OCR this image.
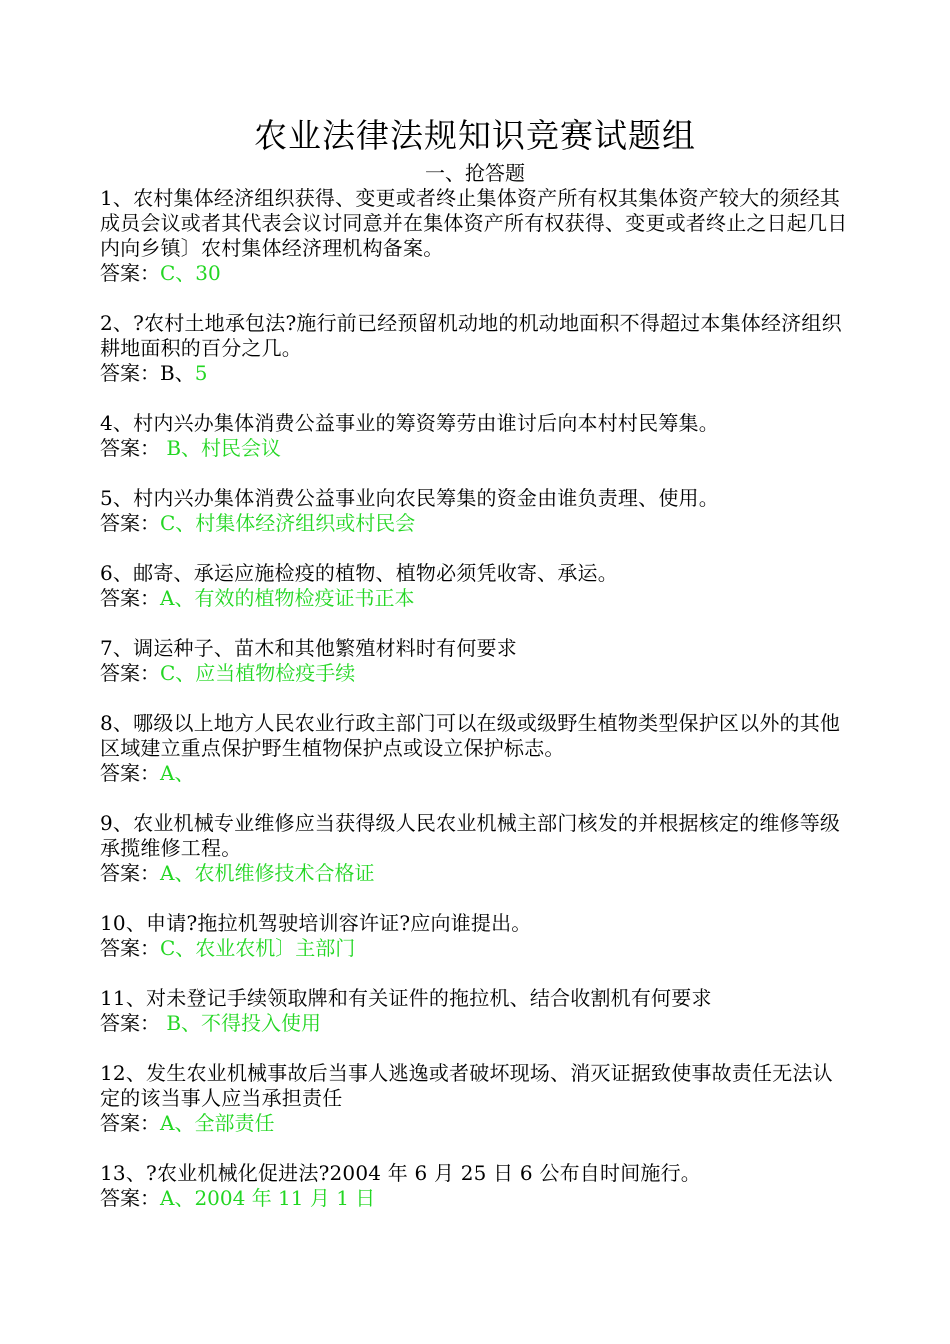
农业法律法规知识竞赛试题组
一、抢答题

1、农村集体经济组织获得、变更或者终止集体资产所有权其集体资产较大的须经其成员会议或者其代表会议讨同意并在集体资产所有权获得、变更或者终止之日起几日内向乡镇〕农村集体经济理机构备案。

答案：C、30

2、?农村土地承包法?施行前已经预留机动地的机动地面积不得超过本集体经济组织耕地面积的百分之几。

答案：B、5

4、村内兴办集体消费公益事业的筹资筹劳由谁讨后向本村村民筹集。

答案： B、村民会议

5、村内兴办集体消费公益事业向农民筹集的资金由谁负责理、使用。

答案：C、村集体经济组织或村民会

6、邮寄、承运应施检疫的植物、植物必须凭收寄、承运。

答案：A、有效的植物检疫证书正本

7、调运种子、苗木和其他繁殖材料时有何要求

答案：C、应当植物检疫手续

8、哪级以上地方人民农业行政主部门可以在级或级野生植物类型保护区以外的其他区域建立重点保护野生植物保护点或设立保护标志。

答案：A、

9、农业机械专业维修应当获得级人民农业机械主部门核发的并根据核定的维修等级承揽维修工程。

答案：A、农机维修技术合格证

10、申请?拖拉机驾驶培训容许证?应向谁提出。

答案：C、农业农机〕主部门

11、对未登记手续领取牌和有关证件的拖拉机、结合收割机有何要求

答案： B、不得投入使用

12、发生农业机械事故后当事人逃逸或者破坏现场、消灭证据致使事故责任无法认定的该当事人应当承担责任

答案：A、全部责任

13、?农业机械化促进法?2004 年 6 月 25 日 6 公布自时间施行。

答案：A、2004 年 11 月 1 日
